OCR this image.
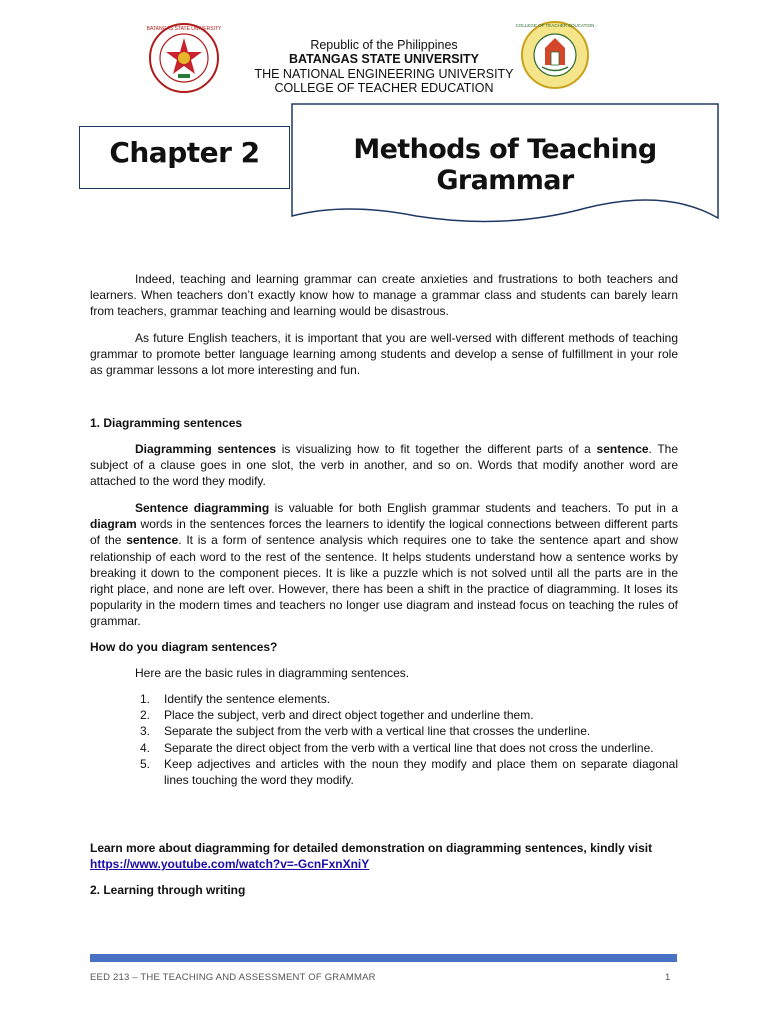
BATANGAS STATE UNIVERSITY
COLLEGE OF TEACHER EDUCATION
Republic of the Philippines
BATANGAS STATE UNIVERSITY
THE NATIONAL ENGINEERING UNIVERSITY
COLLEGE OF TEACHER EDUCATION
Chapter 2	Methods of Teaching Grammar

Indeed, teaching and learning grammar can create anxieties and frustrations to both teachers and learners. When teachers don’t exactly know how to manage a grammar class and students can barely learn from teachers, grammar teaching and learning would be disastrous.

As future English teachers, it is important that you are well-versed with different methods of teaching grammar to promote better language learning among students and develop a sense of fulfillment in your role as grammar lessons a lot more interesting and fun.

1. Diagramming sentences

Diagramming sentences is visualizing how to fit together the different parts of a sentence. The subject of a clause goes in one slot, the verb in another, and so on. Words that modify another word are attached to the word they modify.

Sentence diagramming is valuable for both English grammar students and teachers. To put in a diagram words in the sentences forces the learners to identify the logical connections between different parts of the sentence. It is a form of sentence analysis which requires one to take the sentence apart and show relationship of each word to the rest of the sentence. It helps students understand how a sentence works by breaking it down to the component pieces. It is like a puzzle which is not solved until all the parts are in the right place, and none are left over. However, there has been a shift in the practice of diagramming. It loses its popularity in the modern times and teachers no longer use diagram and instead focus on teaching the rules of grammar.

How do you diagram sentences?

Here are the basic rules in diagramming sentences.

1. Identify the sentence elements.
2. Place the subject, verb and direct object together and underline them.
3. Separate the subject from the verb with a vertical line that crosses the underline.
4. Separate the direct object from the verb with a vertical line that does not cross the underline.
5. Keep adjectives and articles with the noun they modify and place them on separate diagonal lines touching the word they modify.

Learn more about diagramming for detailed demonstration on diagramming sentences, kindly visit
https://www.youtube.com/watch?v=-GcnFxnXniY

2. Learning through writing

EED 213 – THE TEACHING AND ASSESSMENT OF GRAMMAR	1
